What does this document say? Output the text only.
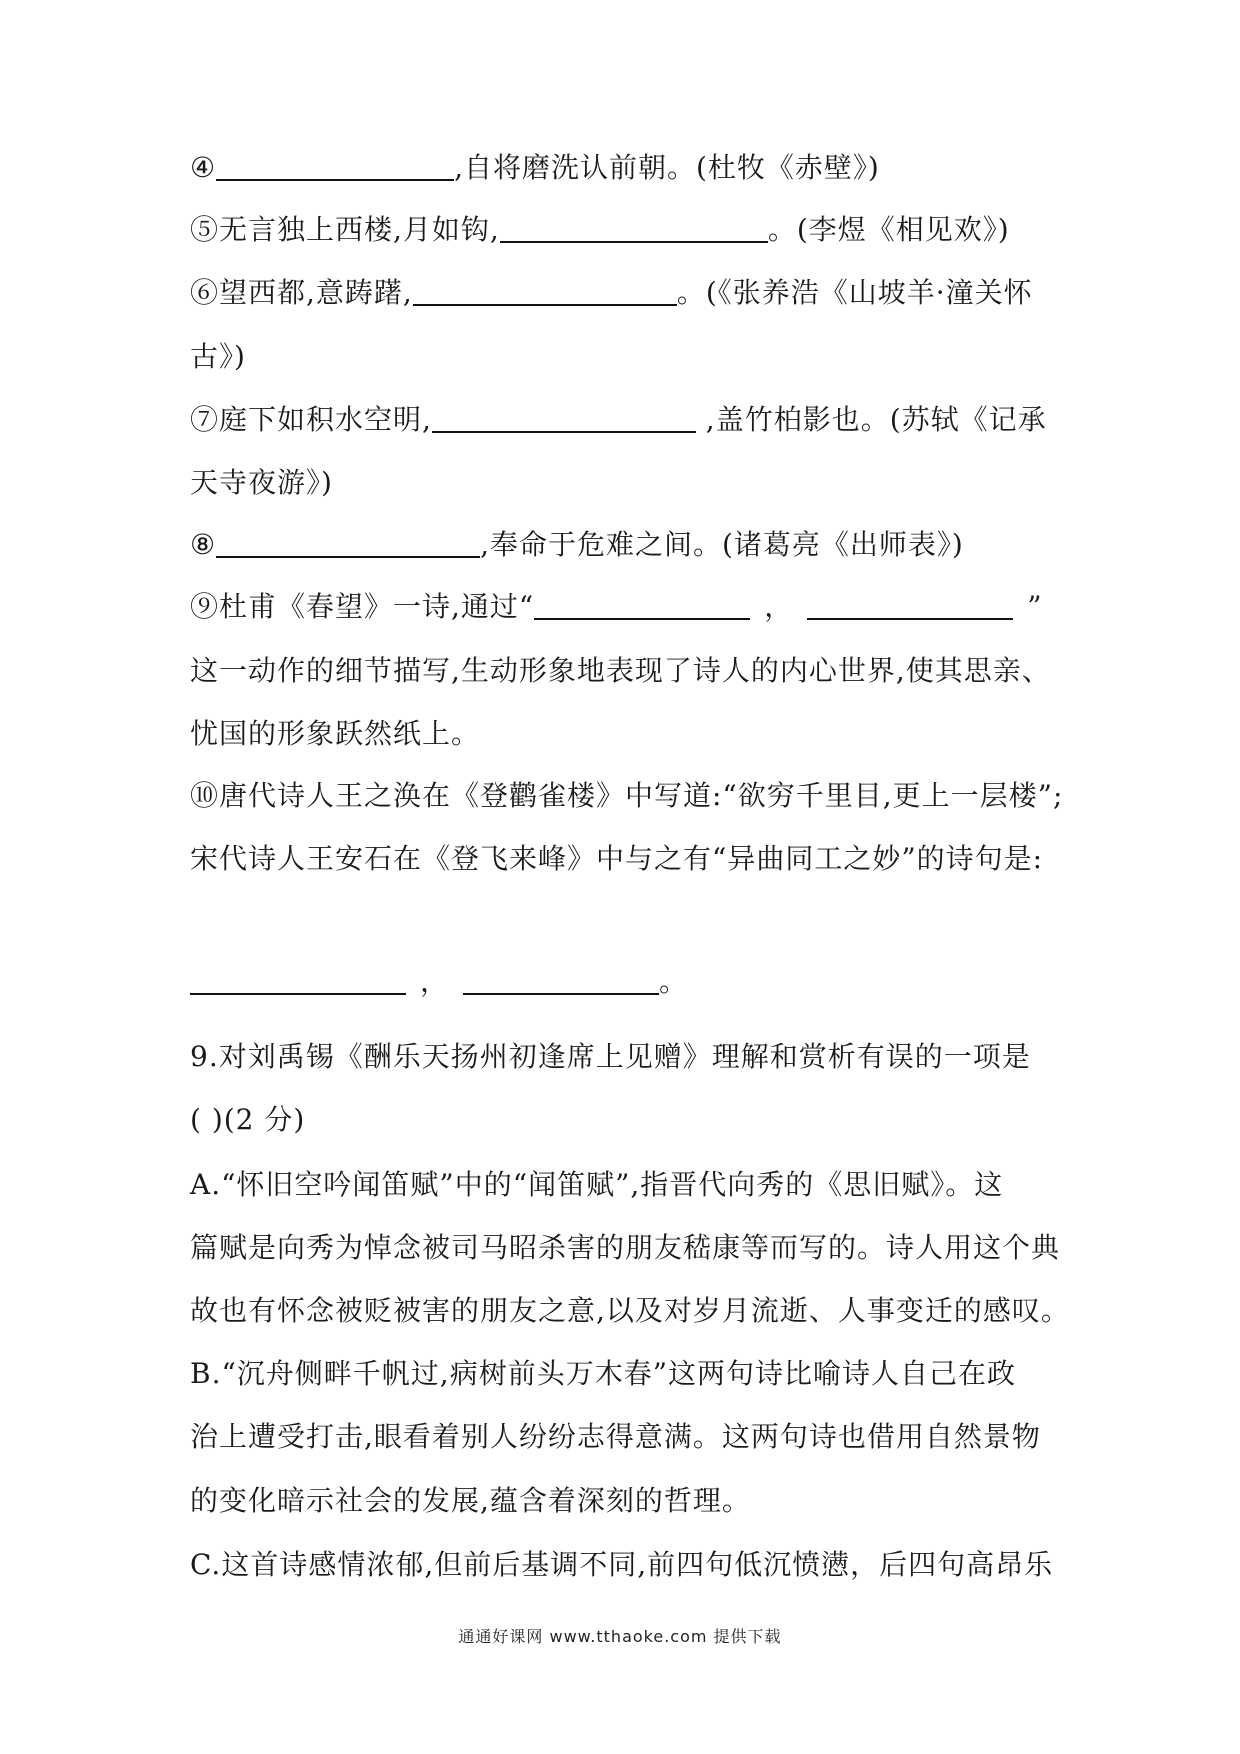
④	,自将磨洗认前朝。(杜牧《赤壁》)
⑤无言独上西楼,月如钩,	。(李煜《相见欢》)
⑥望西都,意踌躇,	。(《张养浩《山坡羊·潼关怀
古》)
⑦庭下如积水空明,	,盖竹柏影也。(苏轼《记承
天寺夜游》)
⑧	,奉命于危难之间。(诸葛亮《出师表》)
⑨杜甫《春望》一诗,通过“	，	”
这一动作的细节描写,生动形象地表现了诗人的内心世界,使其思亲、
忧国的形象跃然纸上。
⑩唐代诗人王之涣在《登鹳雀楼》中写道:“欲穷千里目,更上一层楼”;
宋代诗人王安石在《登飞来峰》中与之有“异曲同工之妙”的诗句是:
，	。
9.对刘禹锡《酬乐天扬州初逢席上见赠》理解和赏析有误的一项是
( )(2 分)
A.“怀旧空吟闻笛赋”中的“闻笛赋”,指晋代向秀的《思旧赋》。这
篇赋是向秀为悼念被司马昭杀害的朋友嵇康等而写的。诗人用这个典
故也有怀念被贬被害的朋友之意,以及对岁月流逝、人事变迁的感叹。
B.“沉舟侧畔千帆过,病树前头万木春”这两句诗比喻诗人自己在政
治上遭受打击,眼看着别人纷纷志得意满。这两句诗也借用自然景物
的变化暗示社会的发展,蕴含着深刻的哲理。
C.这首诗感情浓郁,但前后基调不同,前四句低沉愤懑，后四句高昂乐
通通好课网 www.tthaoke.com 提供下载
